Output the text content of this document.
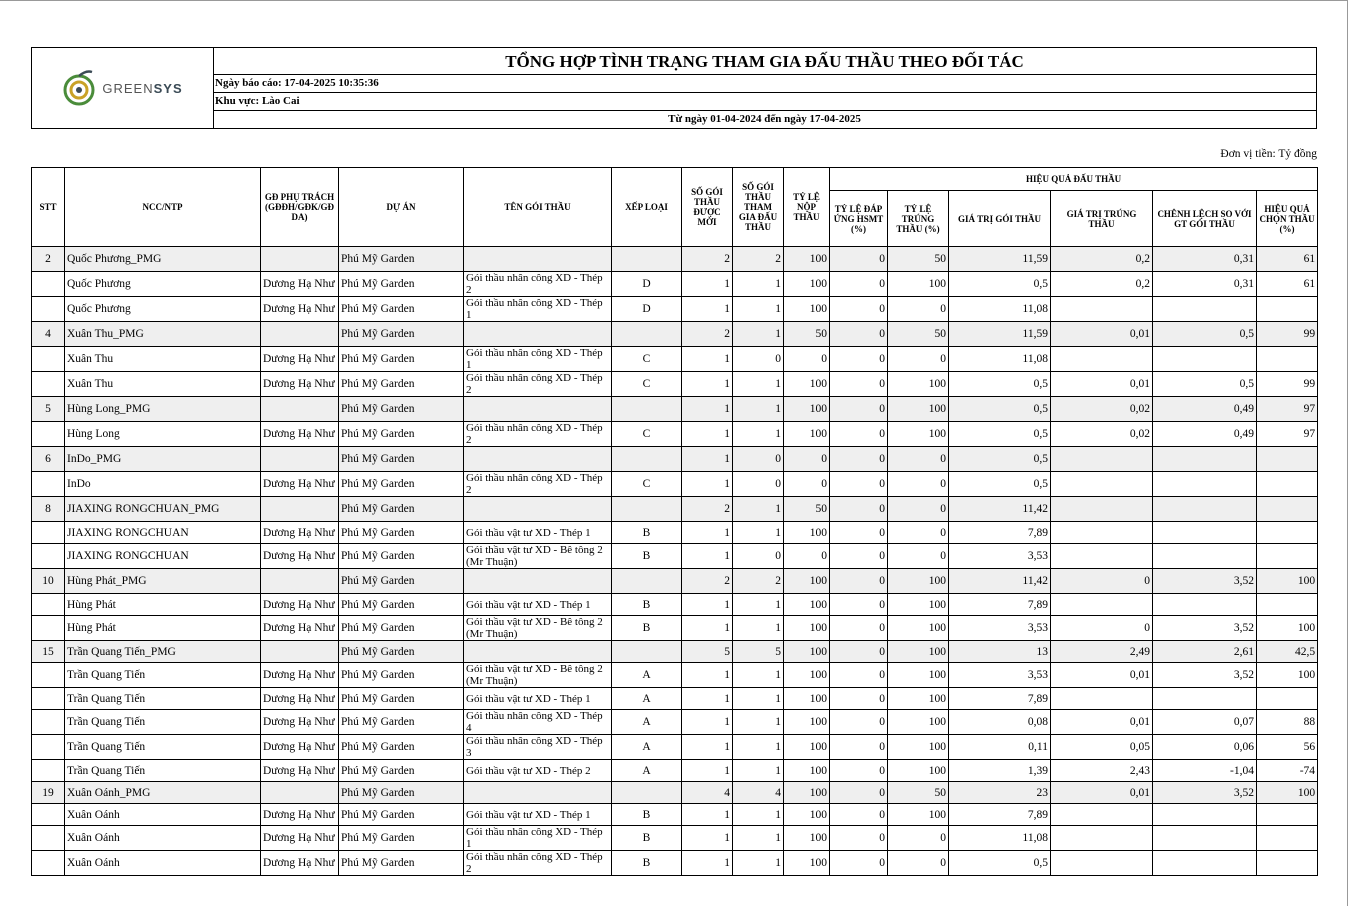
GREENSYS
TỔNG HỢP TÌNH TRẠNG THAM GIA ĐẤU THẦU THEO ĐỐI TÁC
Ngày báo cáo: 17-04-2025 10:35:36
Khu vực: Lào Cai
Từ ngày 01-04-2024 đến ngày 17-04-2025
Đơn vị tiền: Tỷ đồng
STT	NCC/NTP	GĐ PHỤ TRÁCH (GĐĐH/GĐK/GĐ DA)	DỰ ÁN	TÊN GÓI THẦU	XẾP LOẠI	SỐ GÓI THẦU ĐƯỢC MỜI	SỐ GÓI THẦU THAM GIA ĐẤU THẦU	TỶ LỆ NỘP THẦU	HIỆU QUẢ ĐẤU THẦU					
									TỶ LỆ ĐÁP ỨNG HSMT (%)	TỶ LỆ TRÚNG THẦU (%)	GIÁ TRỊ GÓI THẦU	GIÁ TRỊ TRÚNG THẦU	CHÊNH LỆCH SO VỚI GT GÓI THẦU	HIỆU QUẢ CHỌN THẦU (%)
2	Quốc Phương_PMG		Phú Mỹ Garden			2	2	100	0	50	11,59	0,2	0,31	61
	Quốc Phương	Dương Hạ Như	Phú Mỹ Garden	Gói thầu nhân công XD - Thép 2	D	1	1	100	0	100	0,5	0,2	0,31	61
	Quốc Phương	Dương Hạ Như	Phú Mỹ Garden	Gói thầu nhân công XD - Thép 1	D	1	1	100	0	0	11,08			
4	Xuân Thu_PMG		Phú Mỹ Garden			2	1	50	0	50	11,59	0,01	0,5	99
	Xuân Thu	Dương Hạ Như	Phú Mỹ Garden	Gói thầu nhân công XD - Thép 1	C	1	0	0	0	0	11,08			
	Xuân Thu	Dương Hạ Như	Phú Mỹ Garden	Gói thầu nhân công XD - Thép 2	C	1	1	100	0	100	0,5	0,01	0,5	99
5	Hùng Long_PMG		Phú Mỹ Garden			1	1	100	0	100	0,5	0,02	0,49	97
	Hùng Long	Dương Hạ Như	Phú Mỹ Garden	Gói thầu nhân công XD - Thép 2	C	1	1	100	0	100	0,5	0,02	0,49	97
6	InDo_PMG		Phú Mỹ Garden			1	0	0	0	0	0,5			
	InDo	Dương Hạ Như	Phú Mỹ Garden	Gói thầu nhân công XD - Thép 2	C	1	0	0	0	0	0,5			
8	JIAXING RONGCHUAN_PMG		Phú Mỹ Garden			2	1	50	0	0	11,42			
	JIAXING RONGCHUAN	Dương Hạ Như	Phú Mỹ Garden	Gói thầu vật tư XD - Thép 1	B	1	1	100	0	0	7,89			
	JIAXING RONGCHUAN	Dương Hạ Như	Phú Mỹ Garden	Gói thầu vật tư XD - Bê tông 2 (Mr Thuận)	B	1	0	0	0	0	3,53			
10	Hùng Phát_PMG		Phú Mỹ Garden			2	2	100	0	100	11,42	0	3,52	100
	Hùng Phát	Dương Hạ Như	Phú Mỹ Garden	Gói thầu vật tư XD - Thép 1	B	1	1	100	0	100	7,89			
	Hùng Phát	Dương Hạ Như	Phú Mỹ Garden	Gói thầu vật tư XD - Bê tông 2 (Mr Thuận)	B	1	1	100	0	100	3,53	0	3,52	100
15	Trần Quang Tiến_PMG		Phú Mỹ Garden			5	5	100	0	100	13	2,49	2,61	42,5
	Trần Quang Tiến	Dương Hạ Như	Phú Mỹ Garden	Gói thầu vật tư XD - Bê tông 2 (Mr Thuận)	A	1	1	100	0	100	3,53	0,01	3,52	100
	Trần Quang Tiến	Dương Hạ Như	Phú Mỹ Garden	Gói thầu vật tư XD - Thép 1	A	1	1	100	0	100	7,89			
	Trần Quang Tiến	Dương Hạ Như	Phú Mỹ Garden	Gói thầu nhân công XD - Thép 4	A	1	1	100	0	100	0,08	0,01	0,07	88
	Trần Quang Tiến	Dương Hạ Như	Phú Mỹ Garden	Gói thầu nhân công XD - Thép 3	A	1	1	100	0	100	0,11	0,05	0,06	56
	Trần Quang Tiến	Dương Hạ Như	Phú Mỹ Garden	Gói thầu vật tư XD - Thép 2	A	1	1	100	0	100	1,39	2,43	-1,04	-74
19	Xuân Oánh_PMG		Phú Mỹ Garden			4	4	100	0	50	23	0,01	3,52	100
	Xuân Oánh	Dương Hạ Như	Phú Mỹ Garden	Gói thầu vật tư XD - Thép 1	B	1	1	100	0	100	7,89			
	Xuân Oánh	Dương Hạ Như	Phú Mỹ Garden	Gói thầu nhân công XD - Thép 1	B	1	1	100	0	0	11,08			
	Xuân Oánh	Dương Hạ Như	Phú Mỹ Garden	Gói thầu nhân công XD - Thép 2	B	1	1	100	0	0	0,5			
